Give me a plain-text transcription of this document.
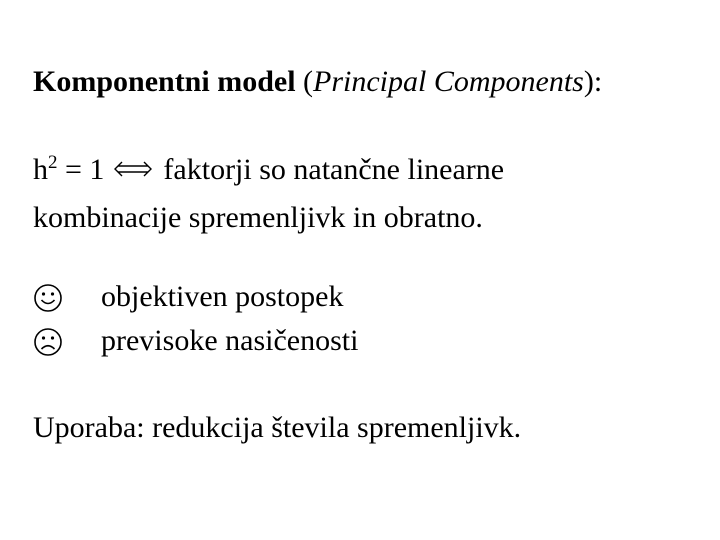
Komponentni model (Principal Components):
$h^2 = 1$ faktorji so natančne linearne
kombinacije spremenljivk in obratno.
objektiven postopek
previsoke nasičenosti
Uporaba: redukcija števila spremenljivk.
